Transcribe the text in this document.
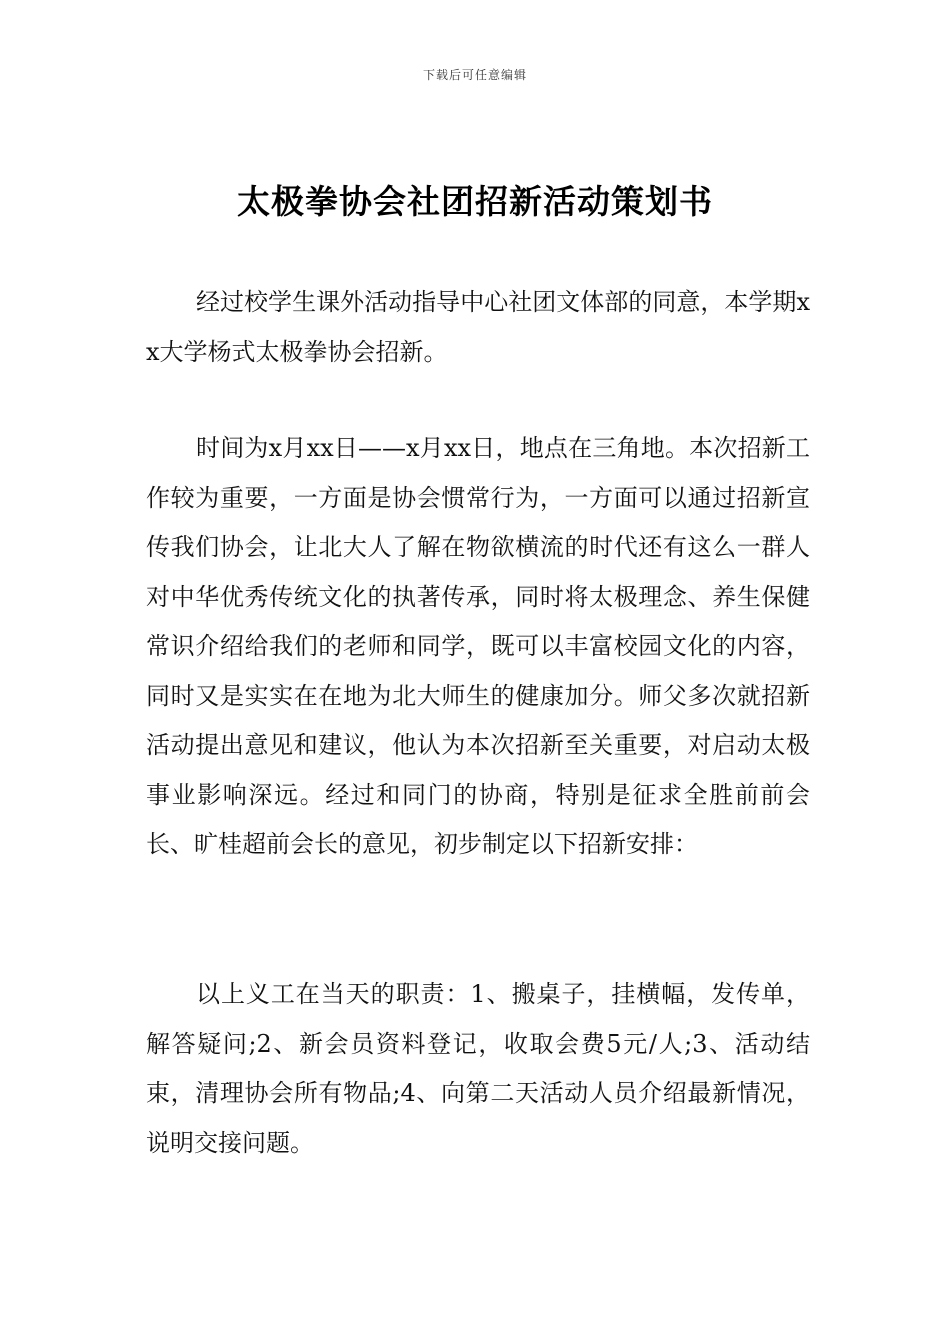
下载后可任意编辑
太极拳协会社团招新活动策划书

经过校学生课外活动指导中心社团文体部的同意，本学期xx大学杨式太极拳协会招新。

时间为x月xx日——x月xx日，地点在三角地。本次招新工作较为重要，一方面是协会惯常行为，一方面可以通过招新宣传我们协会，让北大人了解在物欲横流的时代还有这么一群人对中华优秀传统文化的执著传承，同时将太极理念、养生保健常识介绍给我们的老师和同学，既可以丰富校园文化的内容，同时又是实实在在地为北大师生的健康加分。师父多次就招新活动提出意见和建议，他认为本次招新至关重要，对启动太极事业影响深远。经过和同门的协商，特别是征求全胜前前会长、旷桂超前会长的意见，初步制定以下招新安排：

以上义工在当天的职责：1、搬桌子，挂横幅，发传单，解答疑问;2、新会员资料登记，收取会费5元/人;3、活动结束，清理协会所有物品;4、向第二天活动人员介绍最新情况，说明交接问题。
